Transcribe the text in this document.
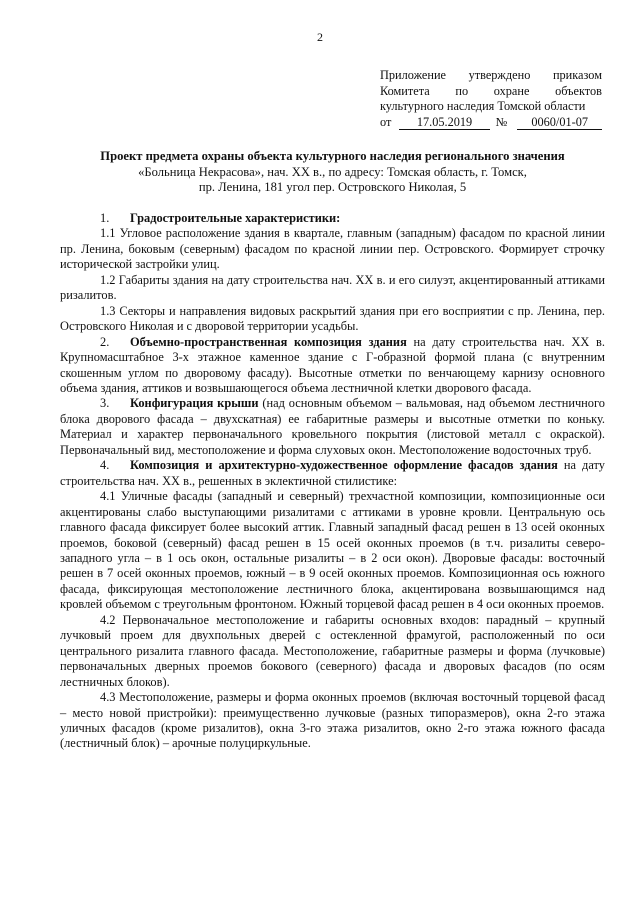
2
Приложение утверждено приказом
Комитета по охране объектов
культурного наследия Томской области
от	17.05.2019	№	0060/01-07
Проект предмета охраны объекта культурного наследия регионального значения
«Больница Некрасова», нач. XX в., по адресу: Томская область, г. Томск,
пр. Ленина, 181 угол пер. Островского Николая, 5

1. Градостроительные характеристики:

1.1 Угловое расположение здания в квартале, главным (западным) фасадом по красной линии пр. Ленина, боковым (северным) фасадом по красной линии пер. Островского. Формирует строчку исторической застройки улиц.

1.2 Габариты здания на дату строительства нач. XX в. и его силуэт, акцентированный аттиками ризалитов.

1.3 Секторы и направления видовых раскрытий здания при его восприятии с пр. Ленина, пер. Островского Николая и с дворовой территории усадьбы.

2. Объемно-пространственная композиция здания на дату строительства нач. XX в. Крупномасштабное 3-х этажное каменное здание с Г-образной формой плана (с внутренним скошенным углом по дворовому фасаду). Высотные отметки по венчающему карнизу основного объема здания, аттиков и возвышающегося объема лестничной клетки дворового фасада.

3. Конфигурация крыши (над основным объемом – вальмовая, над объемом лестничного блока дворового фасада – двухскатная) ее габаритные размеры и высотные отметки по коньку. Материал и характер первоначального кровельного покрытия (листовой металл с окраской). Первоначальный вид, местоположение и форма слуховых окон. Местоположение водосточных труб.

4. Композиция и архитектурно-художественное оформление фасадов здания на дату строительства нач. XX в., решенных в эклектичной стилистике:

4.1 Уличные фасады (западный и северный) трехчастной композиции, композиционные оси акцентированы слабо выступающими ризалитами с аттиками в уровне кровли. Центральную ось главного фасада фиксирует более высокий аттик. Главный западный фасад решен в 13 осей оконных проемов, боковой (северный) фасад решен в 15 осей оконных проемов (в т.ч. ризалиты северо-западного угла – в 1 ось окон, остальные ризалиты – в 2 оси окон). Дворовые фасады: восточный решен в 7 осей оконных проемов, южный – в 9 осей оконных проемов. Композиционная ось южного фасада, фиксирующая местоположение лестничного блока, акцентирована возвышающимся над кровлей объемом с треугольным фронтоном. Южный торцевой фасад решен в 4 оси оконных проемов.

4.2 Первоначальное местоположение и габариты основных входов: парадный – крупный лучковый проем для двухпольных дверей с остекленной фрамугой, расположенный по оси центрального ризалита главного фасада. Местоположение, габаритные размеры и форма (лучковые) первоначальных дверных проемов бокового (северного) фасада и дворовых фасадов (по осям лестничных блоков).

4.3 Местоположение, размеры и форма оконных проемов (включая восточный торцевой фасад – место новой пристройки): преимущественно лучковые (разных типоразмеров), окна 2-го этажа уличных фасадов (кроме ризалитов), окна 3-го этажа ризалитов, окно 2-го этажа южного фасада (лестничный блок) – арочные полуциркульные.
